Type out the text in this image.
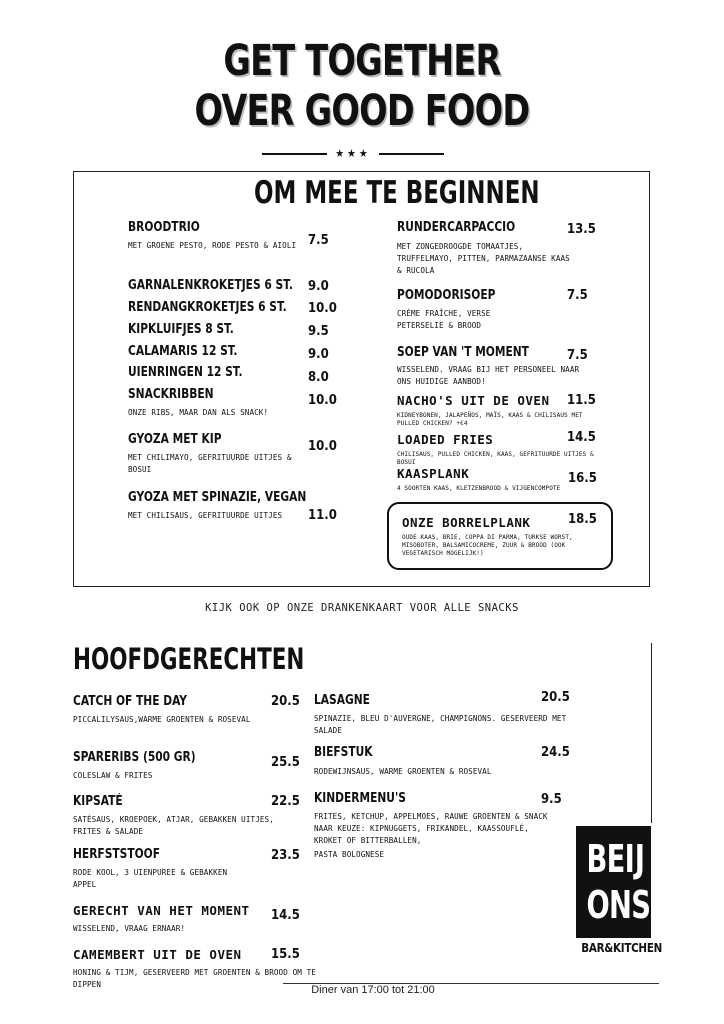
GET TOGETHER
OVER GOOD FOOD
★★★
OM MEE TE BEGINNEN
BROODTRIO
MET GROENE PESTO, RODE PESTO & AIOLI 7.5
GARNALENKROKETJES 6 ST. 9.0
RENDANGKROKETJES 6 ST. 10.0
KIPKLUIFJES 8 ST.	9.5
CALAMARIS 12 ST.	9.0
UIENRINGEN 12 ST.	8.0
SNACKRIBBEN
ONZE RIBS, MAAR DAN ALS SNACK!
10.0
GYOZA MET KIP
MET CHILIMAYO, GEFRITUURDE UITJES & BOSUI
10.0
GYOZA MET SPINAZIE, VEGAN
MET CHILISAUS, GEFRITUURDE UITJES	11.0
RUNDERCARPACCIO
MET ZONGEDROOGDE TOMAATJES, TRUFFELMAYO, PITTEN, PARMAZAANSE KAAS & RUCOLA
13.5
POMODORISOEP
CRÈME FRAÎCHE, VERSE PETERSELIE & BROOD
7.5
SOEP VAN 'T MOMENT
WISSELEND. VRAAG BIJ HET PERSONEEL NAAR ONS HUIDIGE AANBOD!
7.5
NACHO'S UIT DE OVEN
KIDNEYBONEN, JALAPEÑOS, MAÏS, KAAS & CHILISAUS MET PULLED CHICKEN? +€4
11.5
LOADED FRIES
CHILISAUS, PULLED CHICKEN, KAAS, GEFRITUURDE UITJES & BOSUI
14.5
KAASPLANK
4 SOORTEN KAAS, KLETZENBROOD & VIJGENCOMPOTE
16.5
ONZE BORRELPLANK
OUDE KAAS, BRIE, COPPA DI PARMA, TURKSE WORST, MISOBOTER, BALSAMICOCREME, ZUUR & BROOD (OOK VEGETARISCH MOGELIJK!)
18.5
KIJK OOK OP ONZE DRANKENKAART VOOR ALLE SNACKS
HOOFDGERECHTEN
CATCH OF THE DAY
PICCALILYSAUS,WARME GROENTEN & ROSEVAL
20.5
SPARERIBS (500 GR)
COLESLAW & FRITES
25.5
KIPSATÉ
SATÉSAUS, KROEPOEK, ATJAR, GEBAKKEN UITJES, FRITES & SALADE
22.5
HERFSTSTOOF
RODE KOOL, 3 UIENPUREE & GEBAKKEN APPEL
23.5
GERECHT VAN HET MOMENT
WISSELEND, VRAAG ERNAAR!
14.5
CAMEMBERT UIT DE OVEN
HONING & TIJM, GESERVEERD MET GROENTEN & BROOD OM TE DIPPEN
15.5
LASAGNE
SPINAZIE, BLEU D'AUVERGNE, CHAMPIGNONS. GESERVEERD MET SALADE
20.5
BIEFSTUK
RODEWIJNSAUS, WARME GROENTEN & ROSEVAL
24.5
KINDERMENU'S
FRITES, KETCHUP, APPELMOES, RAUWE GROENTEN & SNACK NAAR KEUZE: KIPNUGGETS, FRIKANDEL, KAASSOUFLÉ, KROKET OF BITTERBALLEN,
PASTA BOLOGNESE
9.5
BEĲ
ONS
BAR&KITCHEN
Diner van 17:00 tot 21:00
